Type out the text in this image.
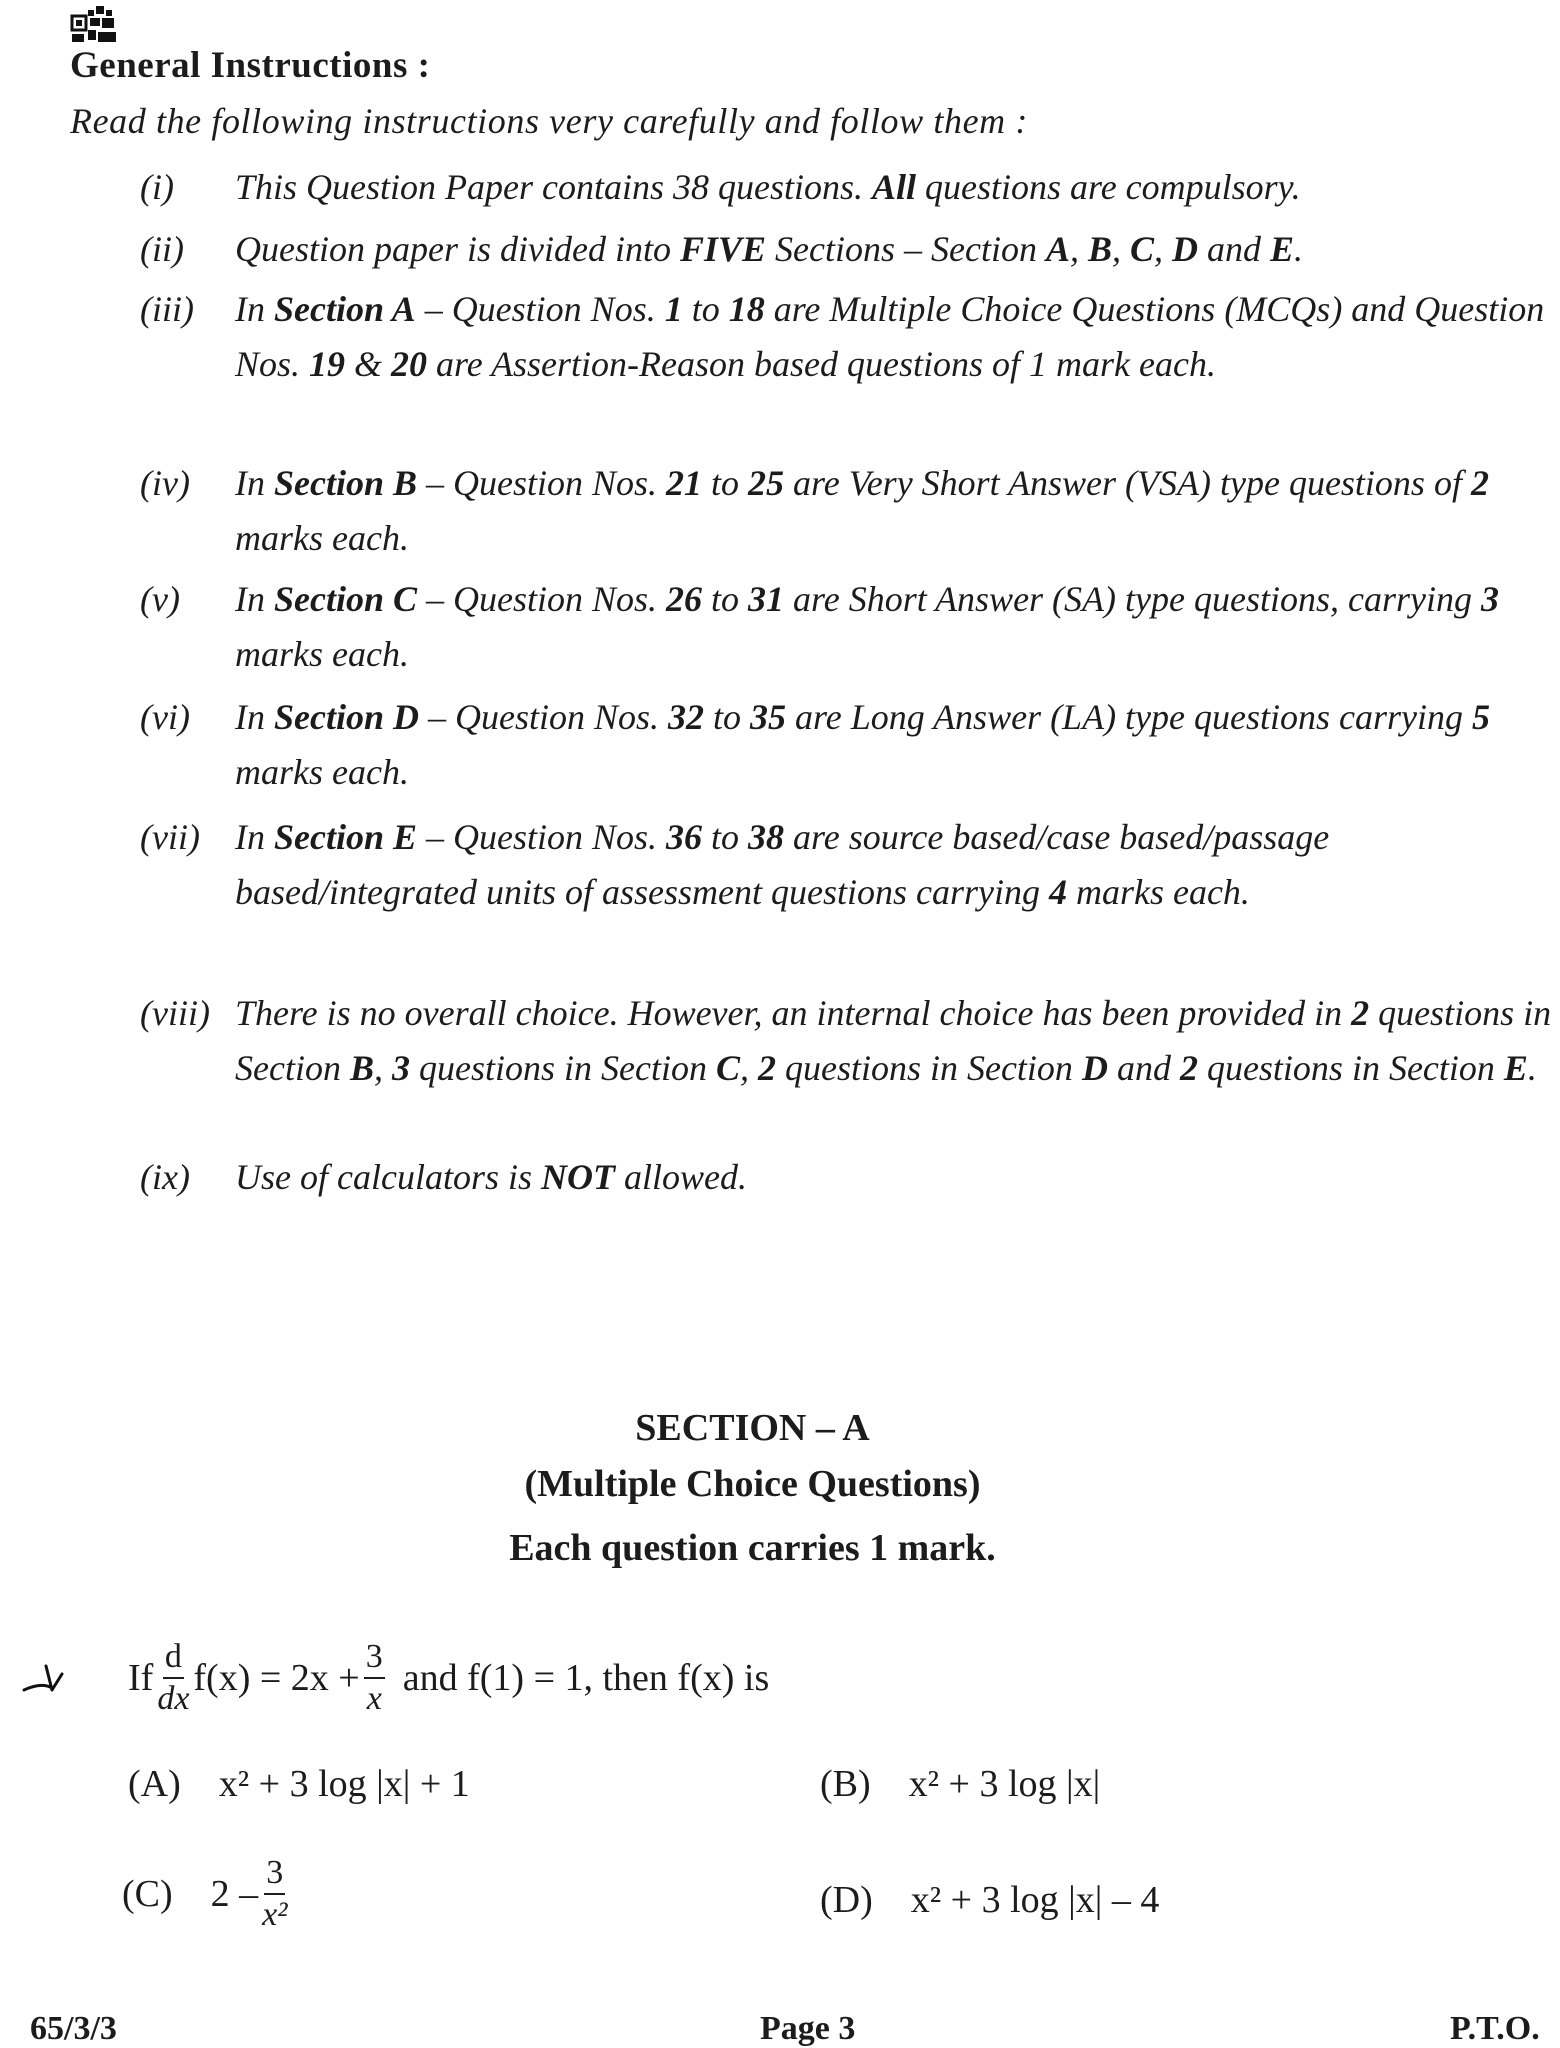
General Instructions :
Read the following instructions very carefully and follow them :
(i)	This Question Paper contains 38 questions. All questions are compulsory.
(ii)	Question paper is divided into FIVE Sections – Section A, B, C, D and E.
(iii)	In Section A – Question Nos. 1 to 18 are Multiple Choice Questions (MCQs) and Question Nos. 19 & 20 are Assertion-Reason based questions of 1 mark each.
(iv)	In Section B – Question Nos. 21 to 25 are Very Short Answer (VSA) type questions of 2 marks each.
(v)	In Section C – Question Nos. 26 to 31 are Short Answer (SA) type questions, carrying 3 marks each.
(vi)	In Section D – Question Nos. 32 to 35 are Long Answer (LA) type questions carrying 5 marks each.
(vii) In Section E – Question Nos. 36 to 38 are source based/case based/passage based/integrated units of assessment questions carrying 4 marks each.
(viii) There is no overall choice. However, an internal choice has been provided in 2 questions in Section B, 3 questions in Section C, 2 questions in Section D and 2 questions in Section E.
(ix)	Use of calculators is NOT allowed.
SECTION – A
(Multiple Choice Questions)
Each question carries 1 mark.
If $\frac{d}{dx} f(x) = 2x + \frac{3}{x}$ and f(1) = 1, then f(x) is
(A) x² + 3 log |x| + 1	(B) x² + 3 log |x|
(C) $2 - \frac{3}{\text{x²}}$	(D) x² + 3 log |x| – 4
65/3/3	Page 3	P.T.O.
